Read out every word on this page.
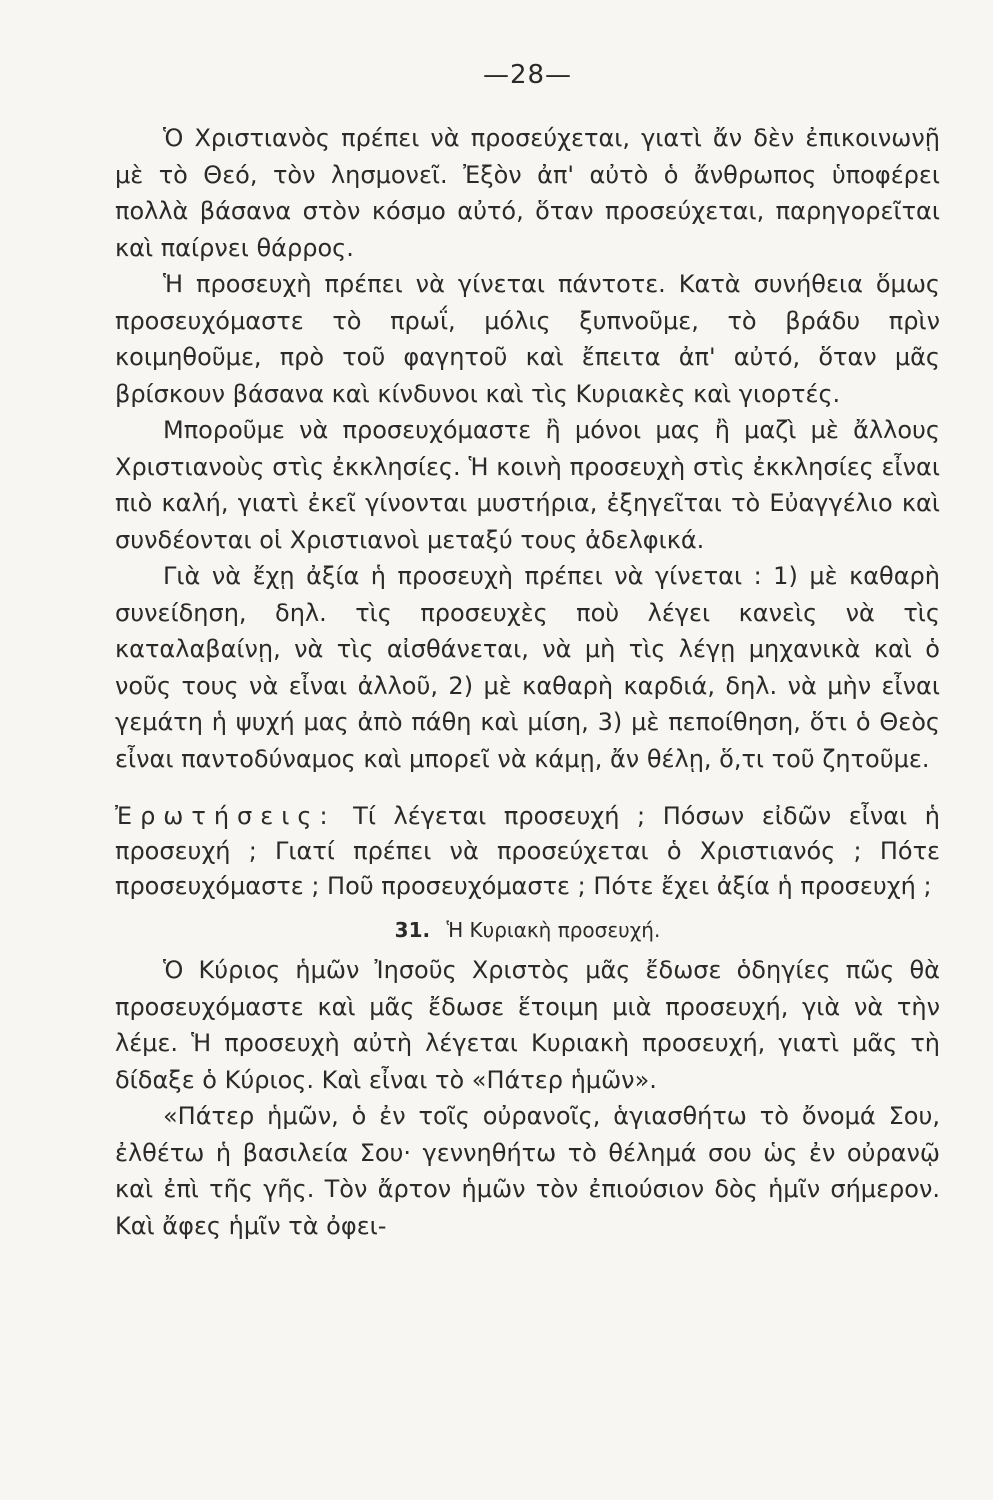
—28—

Ὁ Χριστιανὸς πρέπει νὰ προσεύχεται, γιατὶ ἄν δὲν ἐπικοινωνῇ μὲ τὸ Θεό, τὸν λησμονεῖ. Ἐξὸν ἀπ' αὐτὸ ὁ ἄνθρωπος ὑποφέρει πολλὰ βάσανα στὸν κόσμο αὐτό, ὅταν προσεύχεται, παρηγορεῖται καὶ παίρνει θάρρος.

Ἡ προσευχὴ πρέπει νὰ γίνεται πάντοτε. Κατὰ συνήθεια ὅμως προσευχόμαστε τὸ πρωΐ, μόλις ξυπνοῦμε, τὸ βράδυ πρὶν κοιμηθοῦμε, πρὸ τοῦ φαγητοῦ καὶ ἔπειτα ἀπ' αὐτό, ὅταν μᾶς βρίσκουν βάσανα καὶ κίνδυνοι καὶ τὶς Κυριακὲς καὶ γιορτές.

Μποροῦμε νὰ προσευχόμαστε ἢ μόνοι μας ἢ μαζὶ μὲ ἄλλους Χριστιανοὺς στὶς ἐκκλησίες. Ἡ κοινὴ προσευχὴ στὶς ἐκκλησίες εἶναι πιὸ καλή, γιατὶ ἐκεῖ γίνονται μυστήρια, ἐξηγεῖται τὸ Εὐαγγέλιο καὶ συνδέονται οἱ Χριστιανοὶ μεταξύ τους ἀδελφικά.

Γιὰ νὰ ἔχῃ ἀξία ἡ προσευχὴ πρέπει νὰ γίνεται : 1) μὲ καθαρὴ συνείδηση, δηλ. τὶς προσευχὲς ποὺ λέγει κανεὶς νὰ τὶς καταλαβαίνῃ, νὰ τὶς αἰσθάνεται, νὰ μὴ τὶς λέγῃ μηχανικὰ καὶ ὁ νοῦς τους νὰ εἶναι ἀλλοῦ, 2) μὲ καθαρὴ καρδιά, δηλ. νὰ μὴν εἶναι γεμάτη ἡ ψυχή μας ἀπὸ πάθη καὶ μίση, 3) μὲ πεποίθηση, ὅτι ὁ Θεὸς εἶναι παντοδύναμος καὶ μπορεῖ νὰ κάμῃ, ἄν θέλῃ, ὅ,τι τοῦ ζητοῦμε.

Ἐρωτήσεις: Τί λέγεται προσευχή ; Πόσων εἰδῶν εἶναι ἡ προσευχή ; Γιατί πρέπει νὰ προσεύχεται ὁ Χριστιανός ; Πότε προσευχόμαστε ; Ποῦ προσευχόμαστε ; Πότε ἔχει ἀξία ἡ προσευχή ;

31. Ἡ Κυριακὴ προσευχή.

Ὁ Κύριος ἡμῶν Ἰησοῦς Χριστὸς μᾶς ἔδωσε ὁδηγίες πῶς θὰ προσευχόμαστε καὶ μᾶς ἔδωσε ἕτοιμη μιὰ προσευχή, γιὰ νὰ τὴν λέμε. Ἡ προσευχὴ αὐτὴ λέγεται Κυριακὴ προσευχή, γιατὶ μᾶς τὴ δίδαξε ὁ Κύριος. Καὶ εἶναι τὸ «Πάτερ ἡμῶν».

«Πάτερ ἡμῶν, ὁ ἐν τοῖς οὐρανοῖς, ἁγιασθήτω τὸ ὄνομά Σου, ἐλθέτω ἡ βασιλεία Σου· γεννηθήτω τὸ θέλημά σου ὡς ἐν οὐρανῷ καὶ ἐπὶ τῆς γῆς. Τὸν ἄρτον ἡμῶν τὸν ἐπιούσιον δὸς ἡμῖν σήμερον. Καὶ ἄφες ἡμῖν τὰ ὀφει-
